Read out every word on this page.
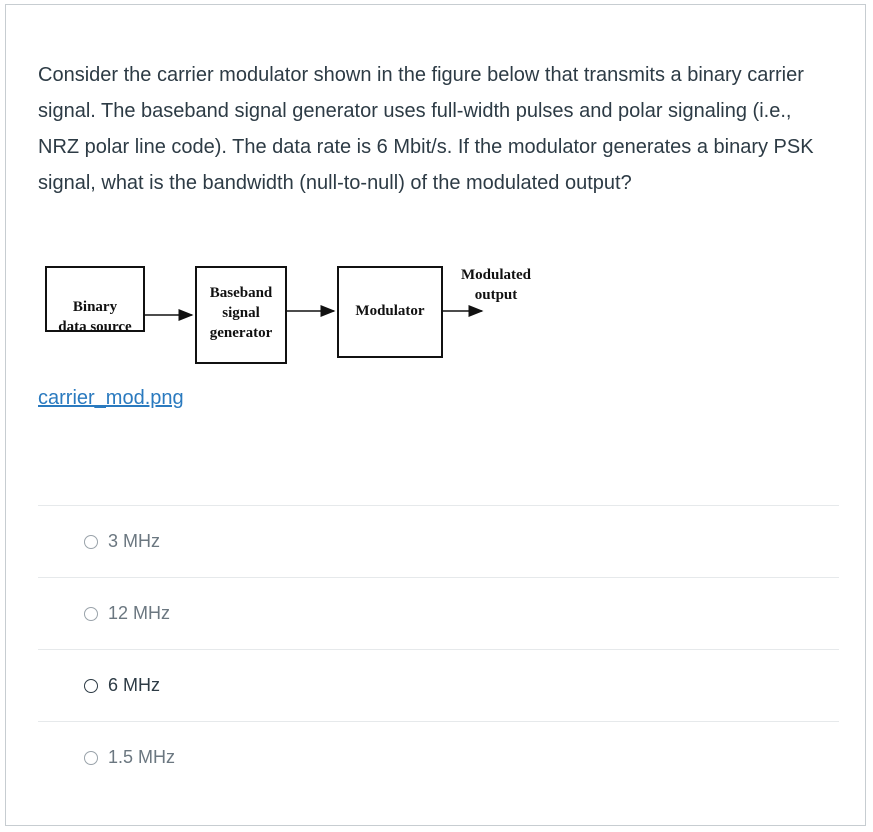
Consider the carrier modulator shown in the figure below that transmits a binary carrier signal. The baseband signal generator uses full-width pulses and polar signaling (i.e., NRZ polar line code). The data rate is 6 Mbit/s. If the modulator generates a binary PSK signal, what is the bandwidth (null-to-null) of the modulated output?

Binary
data source
Baseband
signal
generator
Modulator
Modulated
output
carrier_mod.png
3 MHz
12 MHz
6 MHz
1.5 MHz
